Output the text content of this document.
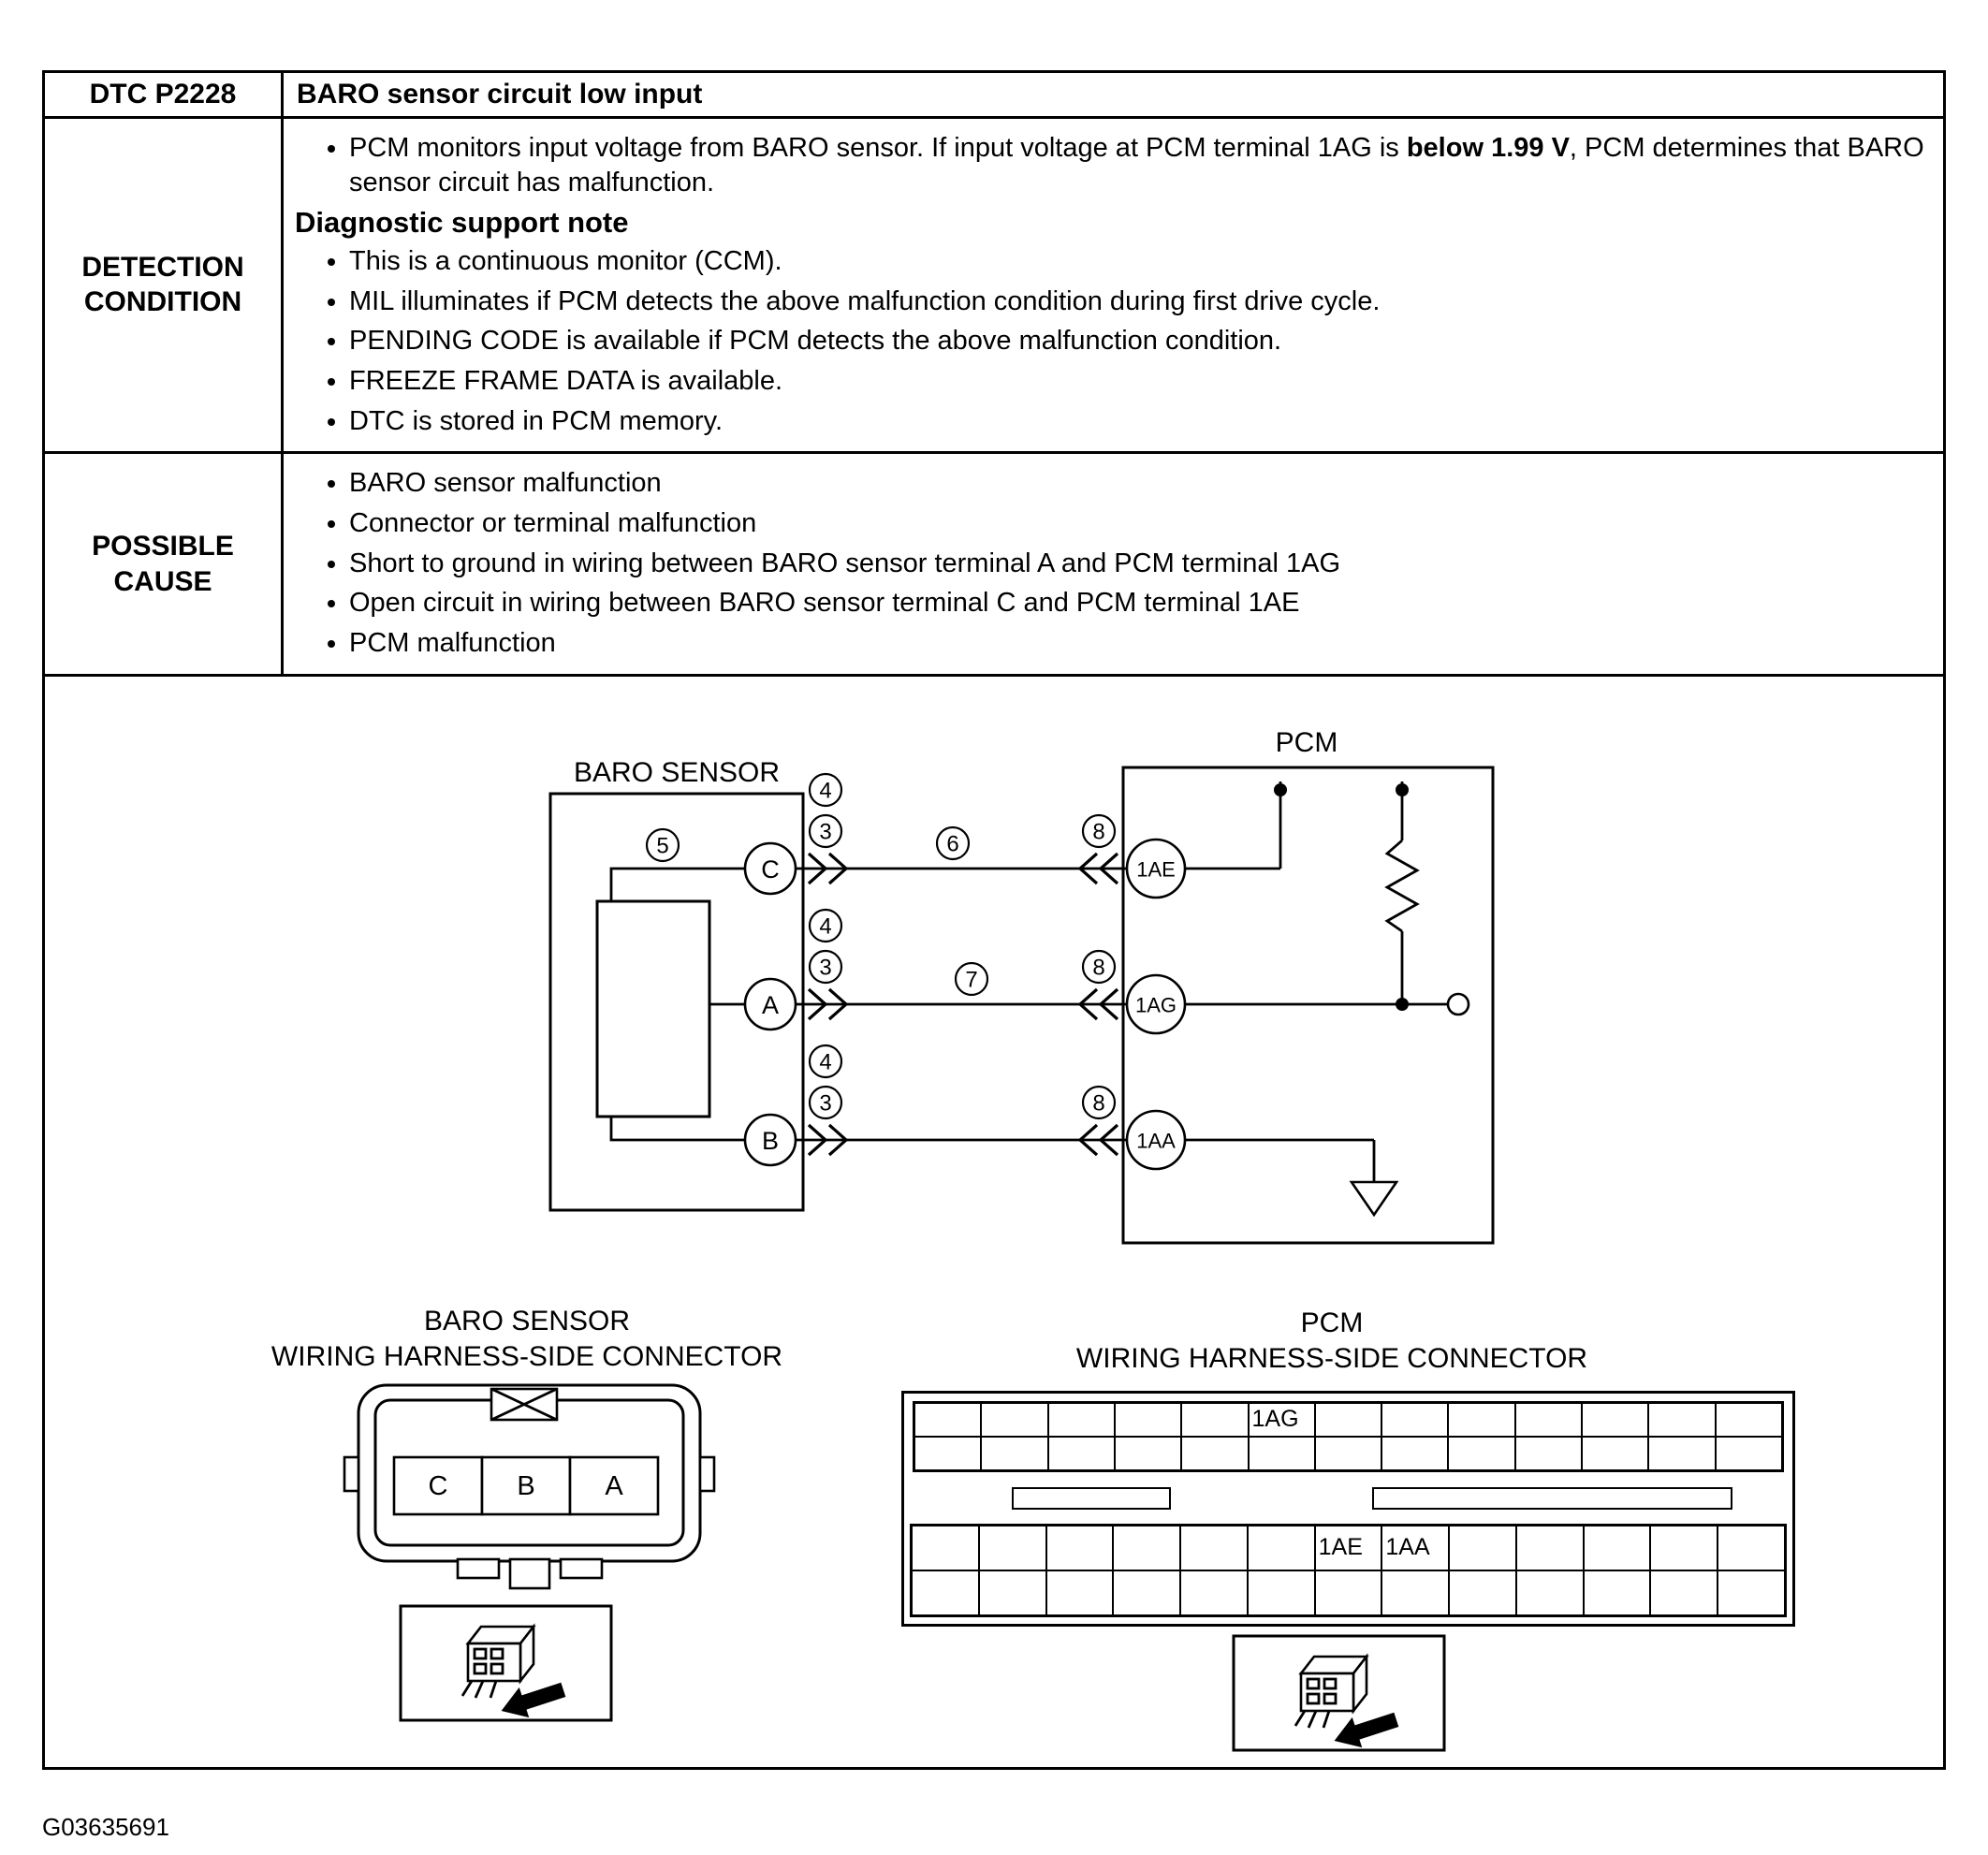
DTC P2228	BARO sensor circuit low input
DETECTION CONDITION	
• PCM monitors input voltage from BARO sensor. If input voltage at PCM terminal 1AG is below 1.99 V, PCM determines that BARO sensor circuit has malfunction.
Diagnostic support note
• This is a continuous monitor (CCM).
• MIL illuminates if PCM detects the above malfunction condition during first drive cycle.
• PENDING CODE is available if PCM detects the above malfunction condition.
• FREEZE FRAME DATA is available.
• DTC is stored in PCM memory.

POSSIBLE CAUSE	
• BARO sensor malfunction
• Connector or terminal malfunction
• Short to ground in wiring between BARO sensor terminal A and PCM terminal 1AG
• Open circuit in wiring between BARO sensor terminal C and PCM terminal 1AE
• PCM malfunction

BARO SENSOR
5
C
A
B
4
3	6	8
4
3	7	8
4
3	8
PCM
1AE
1AG
1AA
BARO SENSOR
WIRING HARNESS-SIDE CONNECTOR
C	B	A
PCM
WIRING HARNESS-SIDE CONNECTOR
1AG
1AE 1AA
G03635691
